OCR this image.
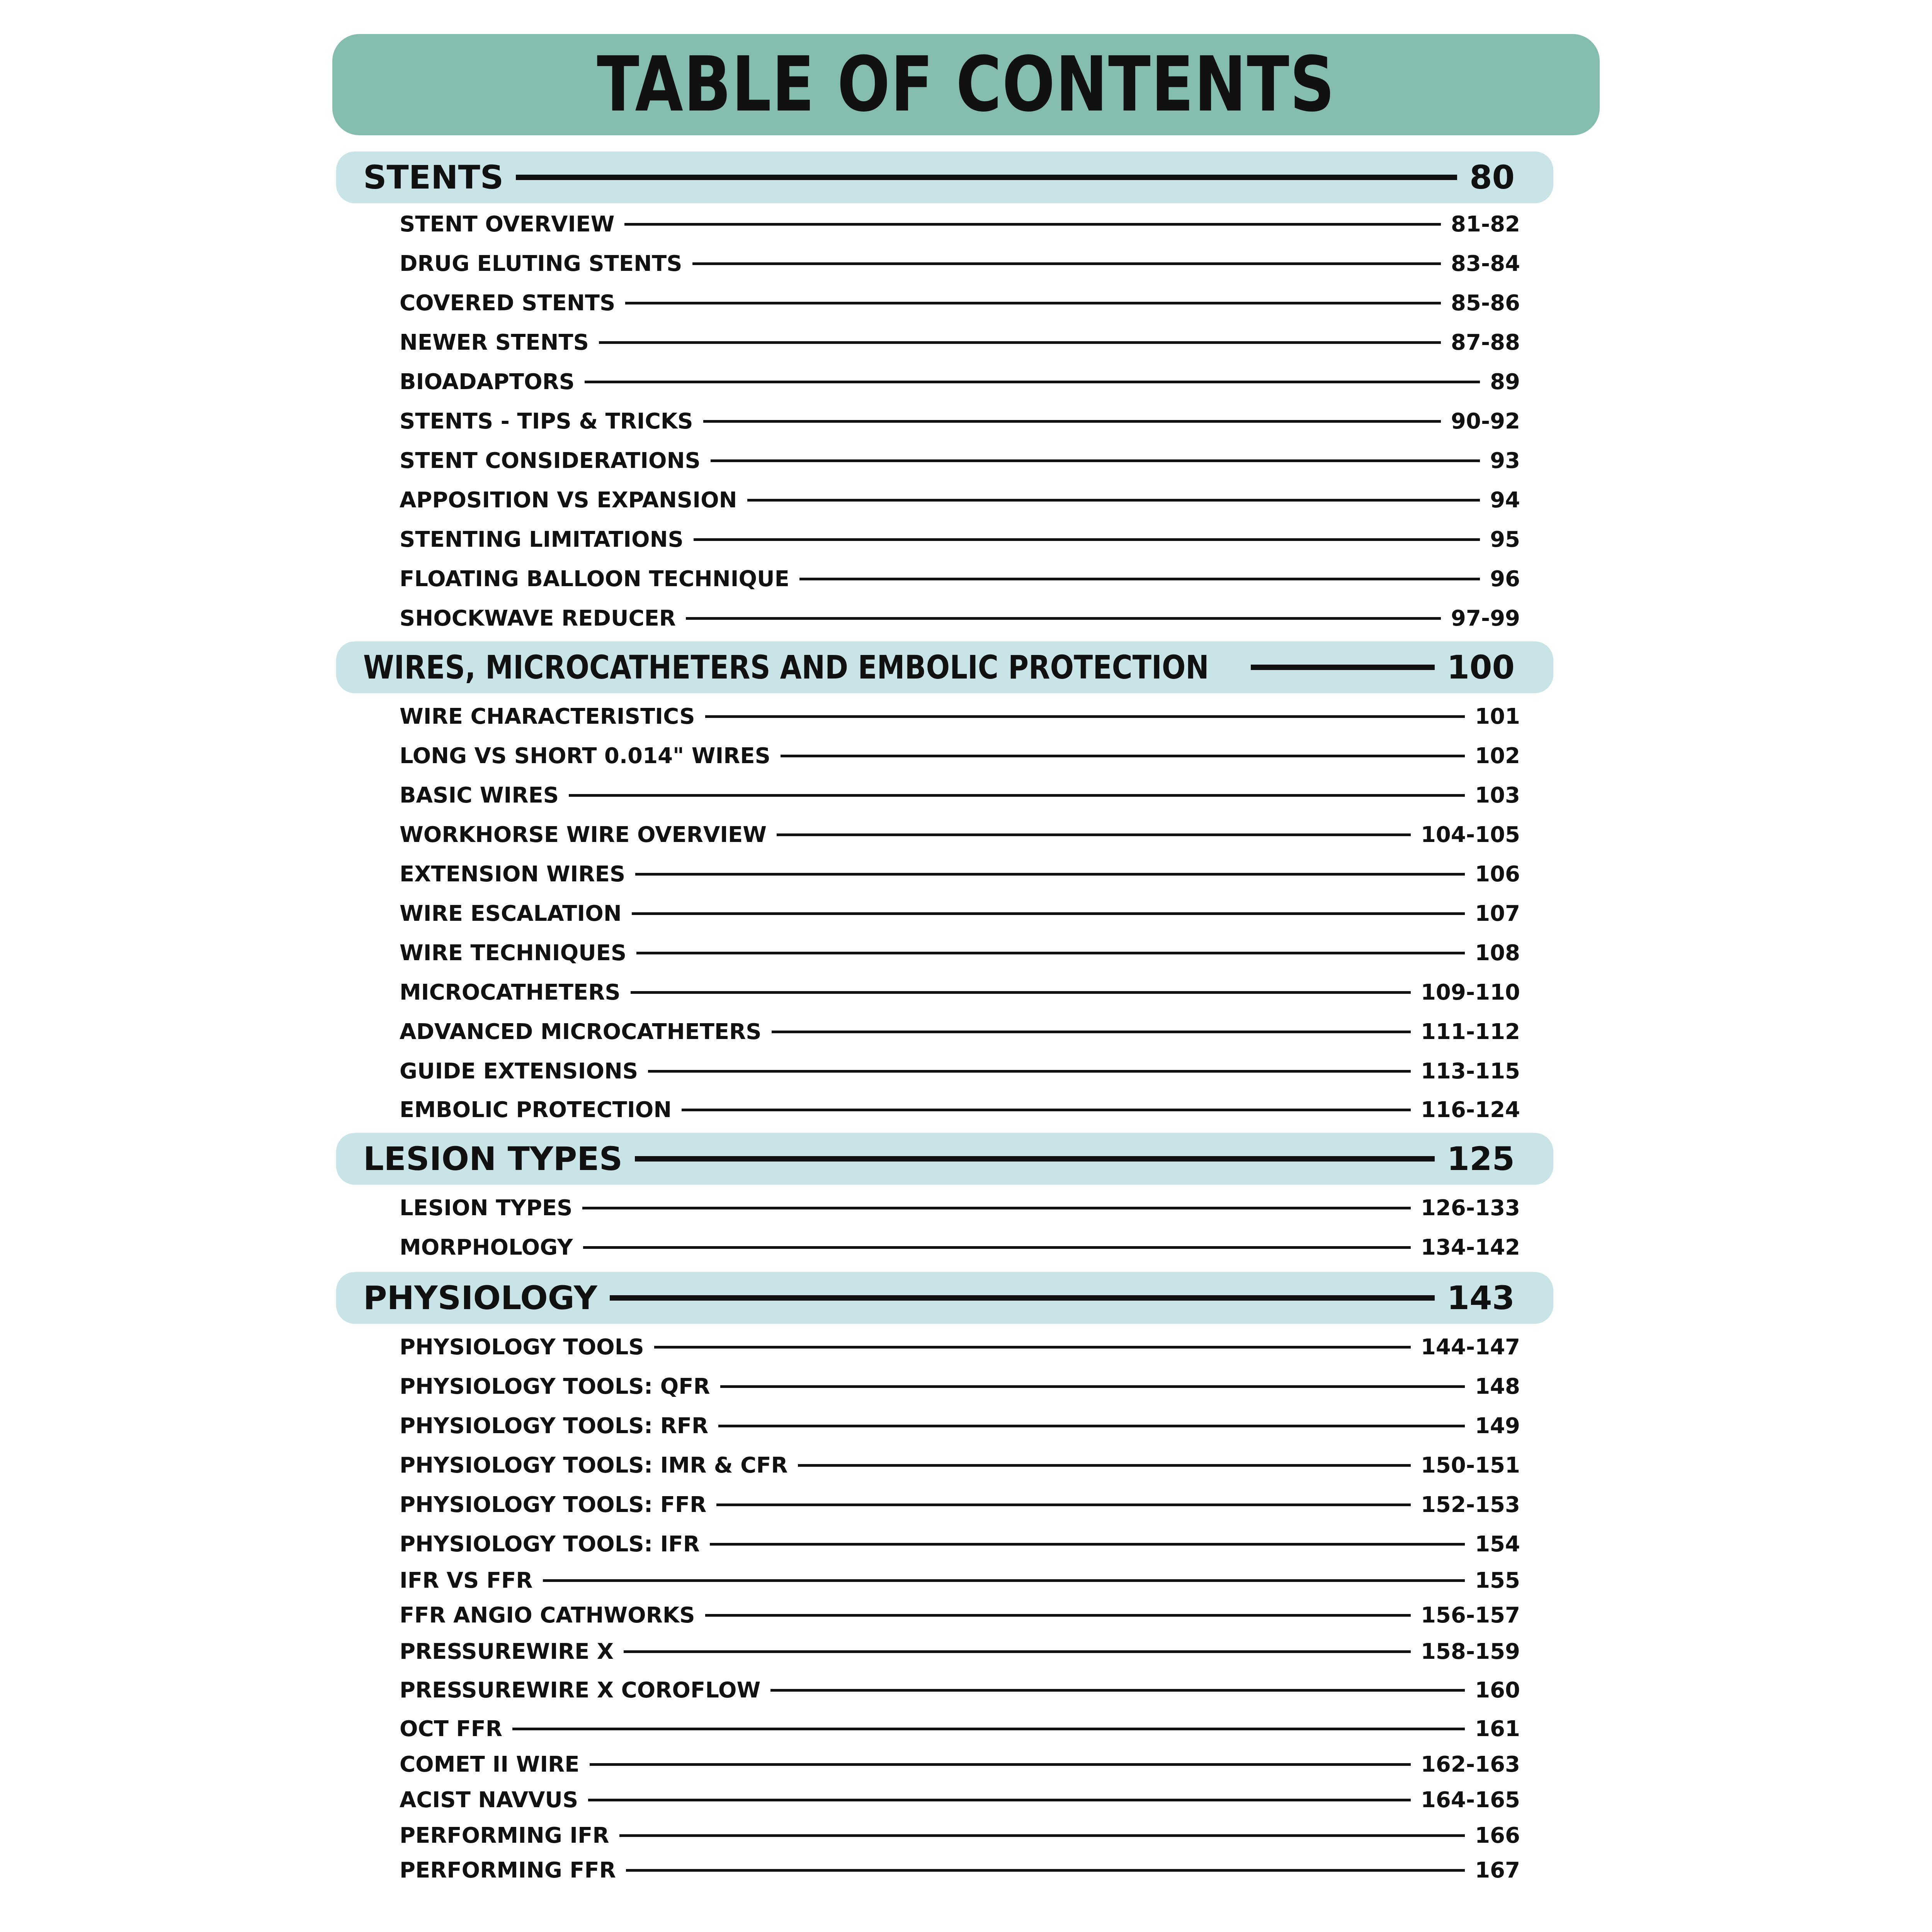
TABLE OF CONTENTS
STENTS	80
STENT OVERVIEW	81-82
DRUG ELUTING STENTS	83-84
COVERED STENTS	85-86
NEWER STENTS	87-88
BIOADAPTORS	89
STENTS - TIPS & TRICKS	90-92
STENT CONSIDERATIONS	93
APPOSITION VS EXPANSION	94
STENTING LIMITATIONS	95
FLOATING BALLOON TECHNIQUE	96
SHOCKWAVE REDUCER	97-99
WIRES, MICROCATHETERS AND EMBOLIC PROTECTION	100
WIRE CHARACTERISTICS	101
LONG VS SHORT 0.014" WIRES	102
BASIC WIRES	103
WORKHORSE WIRE OVERVIEW	104-105
EXTENSION WIRES	106
WIRE ESCALATION	107
WIRE TECHNIQUES	108
MICROCATHETERS	109-110
ADVANCED MICROCATHETERS	111-112
GUIDE EXTENSIONS	113-115
EMBOLIC PROTECTION	116-124
LESION TYPES	125
LESION TYPES	126-133
MORPHOLOGY	134-142
PHYSIOLOGY	143
PHYSIOLOGY TOOLS	144-147
PHYSIOLOGY TOOLS: QFR	148
PHYSIOLOGY TOOLS: RFR	149
PHYSIOLOGY TOOLS: IMR & CFR	150-151
PHYSIOLOGY TOOLS: FFR	152-153
PHYSIOLOGY TOOLS: IFR	154
IFR VS FFR	155
FFR ANGIO CATHWORKS	156-157
PRESSUREWIRE X	158-159
PRESSUREWIRE X COROFLOW	160
OCT FFR	161
COMET II WIRE	162-163
ACIST NAVVUS	164-165
PERFORMING IFR	166
PERFORMING FFR	167
